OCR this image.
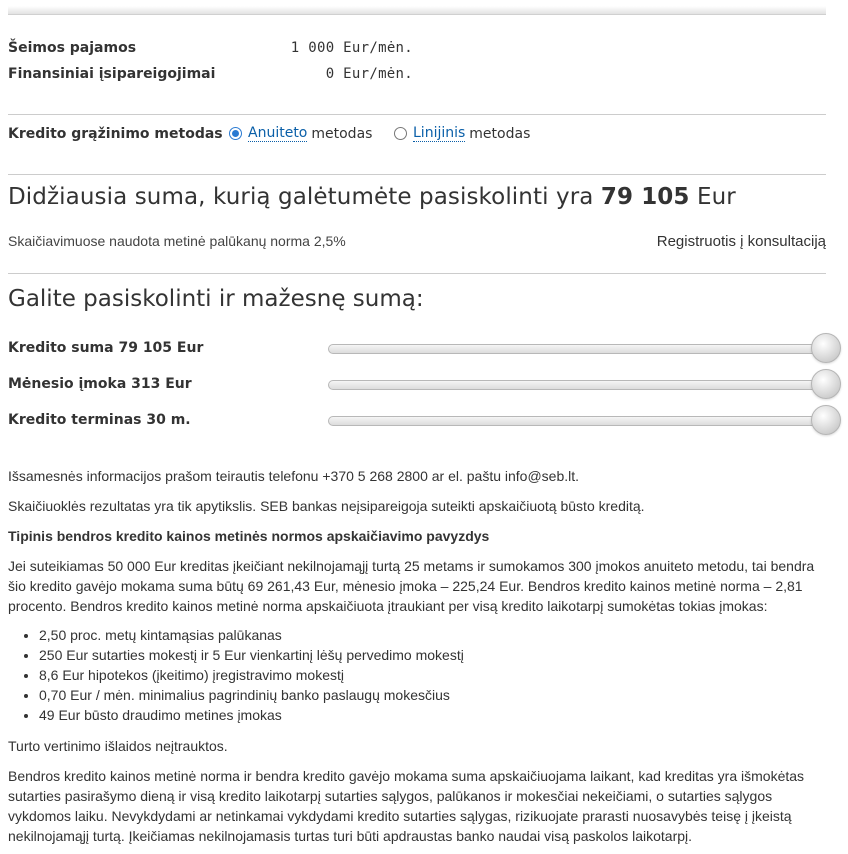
Šeimos pajamos	1 000 Eur/mėn.
Finansiniai įsipareigojimai	0 Eur/mėn.
Kredito grąžinimo metodas Anuiteto metodas	Linijinis metodas
Didžiausia suma, kurią galėtumėte pasiskolinti yra 79 105 Eur
Skaičiavimuose naudota metinė palūkanų norma 2,5%	Registruotis į konsultaciją
Galite pasiskolinti ir mažesnę sumą:
Kredito suma 79 105 Eur
Mėnesio įmoka 313 Eur
Kredito terminas 30 m.
Išsamesnės informacijos prašom teirautis telefonu +370 5 268 2800 ar el. paštu info@seb.lt.
Skaičiuoklės rezultatas yra tik apytikslis. SEB bankas neįsipareigoja suteikti apskaičiuotą būsto kreditą.
Tipinis bendros kredito kainos metinės normos apskaičiavimo pavyzdys
Jei suteikiamas 50 000 Eur kreditas įkeičiant nekilnojamąjį turtą 25 metams ir sumokamos 300 įmokos anuiteto metodu, tai bendra šio kredito gavėjo mokama suma būtų 69 261,43 Eur, mėnesio įmoka – 225,24 Eur. Bendros kredito kainos metinė norma – 2,81 procento. Bendros kredito kainos metinė norma apskaičiuota įtraukiant per visą kredito laikotarpį sumokėtas tokias įmokas:
• 2,50 proc. metų kintamąsias palūkanas
• 250 Eur sutarties mokestį ir 5 Eur vienkartinį lėšų pervedimo mokestį
• 8,6 Eur hipotekos (įkeitimo) įregistravimo mokestį
• 0,70 Eur / mėn. minimalius pagrindinių banko paslaugų mokesčius
• 49 Eur būsto draudimo metines įmokas
Turto vertinimo išlaidos neįtrauktos.
Bendros kredito kainos metinė norma ir bendra kredito gavėjo mokama suma apskaičiuojama laikant, kad kreditas yra išmokėtas sutarties pasirašymo dieną ir visą kredito laikotarpį sutarties sąlygos, palūkanos ir mokesčiai nekeičiami, o sutarties sąlygos vykdomos laiku. Nevykdydami ar netinkamai vykdydami kredito sutarties sąlygas, rizikuojate prarasti nuosavybės teisę į įkeistą nekilnojamąjį turtą. Įkeičiamas nekilnojamasis turtas turi būti apdraustas banko naudai visą paskolos laikotarpį.
